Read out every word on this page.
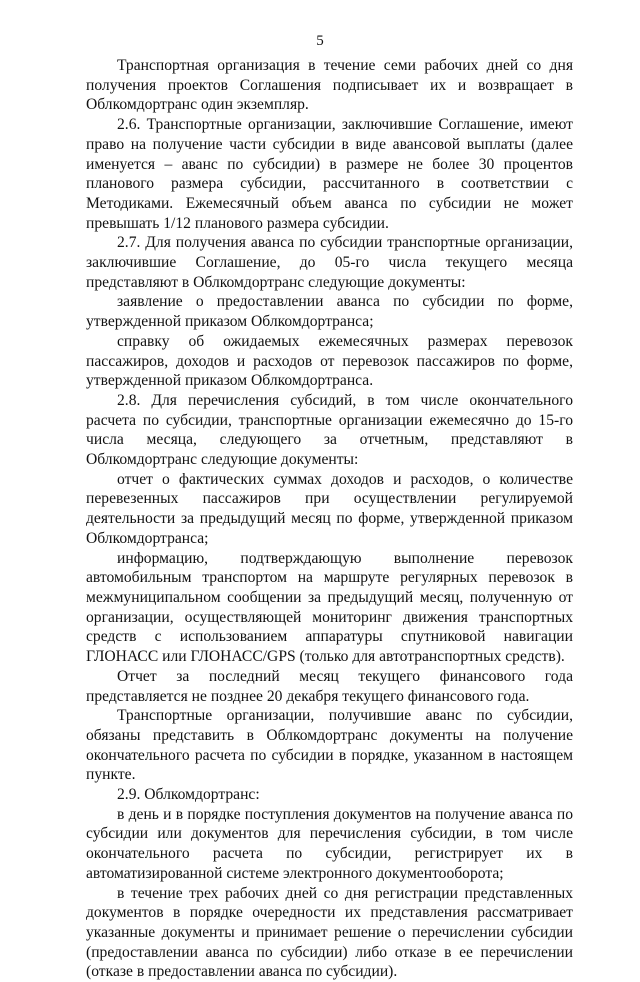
5

Транспортная организация в течение семи рабочих дней со дня получения проектов Соглашения подписывает их и возвращает в Облкомдортранс один экземпляр.

2.6. Транспортные организации, заключившие Соглашение, имеют право на получение части субсидии в виде авансовой выплаты (далее именуется – аванс по субсидии) в размере не более 30 процентов планового размера субсидии, рассчитанного в соответствии с Методиками. Ежемесячный объем аванса по субсидии не может превышать 1/12 планового размера субсидии.

2.7. Для получения аванса по субсидии транспортные организации, заключившие Соглашение, до 05-го числа текущего месяца представляют в Облкомдортранс следующие документы:

заявление о предоставлении аванса по субсидии по форме, утвержденной приказом Облкомдортранса;

справку об ожидаемых ежемесячных размерах перевозок пассажиров, доходов и расходов от перевозок пассажиров по форме, утвержденной приказом Облкомдортранса.

2.8. Для перечисления субсидий, в том числе окончательного расчета по субсидии, транспортные организации ежемесячно до 15-го числа месяца, следующего за отчетным, представляют в Облкомдортранс следующие документы:

отчет о фактических суммах доходов и расходов, о количестве перевезенных пассажиров при осуществлении регулируемой деятельности за предыдущий месяц по форме, утвержденной приказом Облкомдортранса;

информацию, подтверждающую выполнение перевозок автомобильным транспортом на маршруте регулярных перевозок в межмуниципальном сообщении за предыдущий месяц, полученную от организации, осуществляющей мониторинг движения транспортных средств с использованием аппаратуры спутниковой навигации ГЛОНАСС или ГЛОНАСС/GPS (только для автотранспортных средств).

Отчет за последний месяц текущего финансового года представляется не позднее 20 декабря текущего финансового года.

Транспортные организации, получившие аванс по субсидии, обязаны представить в Облкомдортранс документы на получение окончательного расчета по субсидии в порядке, указанном в настоящем пункте.

2.9. Облкомдортранс:

в день и в порядке поступления документов на получение аванса по субсидии или документов для перечисления субсидии, в том числе окончательного расчета по субсидии, регистрирует их в автоматизированной системе электронного документооборота;

в течение трех рабочих дней со дня регистрации представленных документов в порядке очередности их представления рассматривает указанные документы и принимает решение о перечислении субсидии (предоставлении аванса по субсидии) либо отказе в ее перечислении (отказе в предоставлении аванса по субсидии).
